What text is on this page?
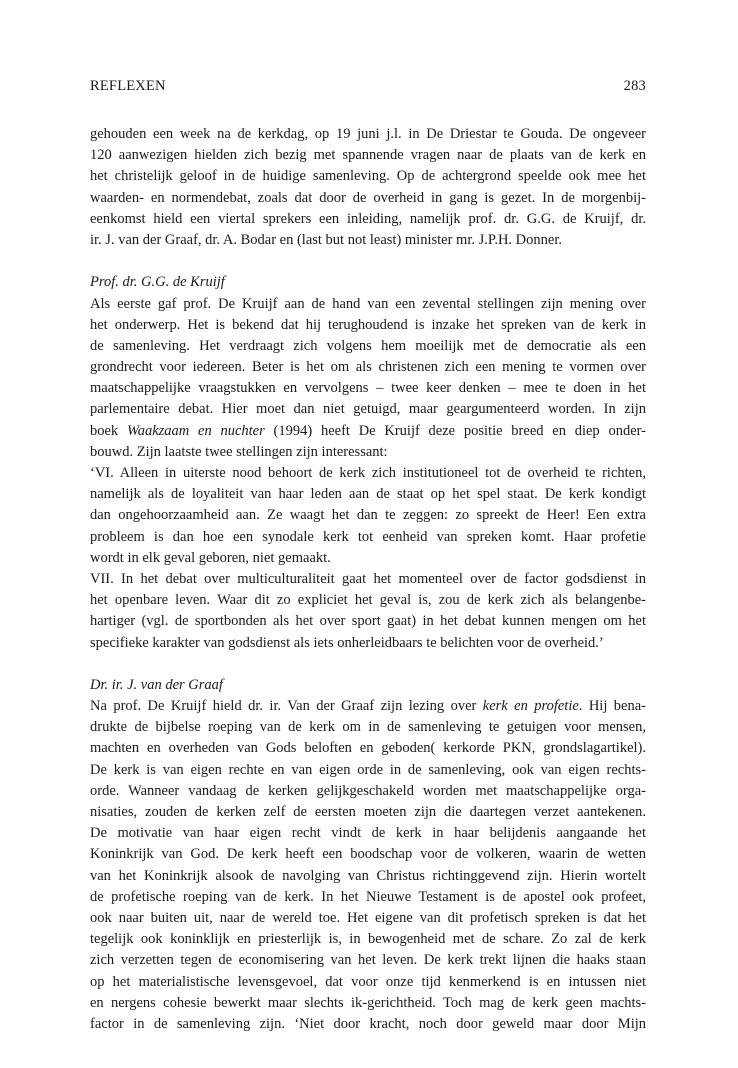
REFLEXEN	283
gehouden een week na de kerkdag, op 19 juni j.l. in De Driestar te Gouda. De ongeveer
120 aanwezigen hielden zich bezig met spannende vragen naar de plaats van de kerk en
het christelijk geloof in de huidige samenleving. Op de achtergrond speelde ook mee het
waarden- en normendebat, zoals dat door de overheid in gang is gezet. In de morgenbij-
eenkomst hield een viertal sprekers een inleiding, namelijk prof. dr. G.G. de Kruijf, dr.
ir. J. van der Graaf, dr. A. Bodar en (last but not least) minister mr. J.P.H. Donner.
Prof. dr. G.G. de Kruijf
Als eerste gaf prof. De Kruijf aan de hand van een zevental stellingen zijn mening over
het onderwerp. Het is bekend dat hij terughoudend is inzake het spreken van de kerk in
de samenleving. Het verdraagt zich volgens hem moeilijk met de democratie als een
grondrecht voor iedereen. Beter is het om als christenen zich een mening te vormen over
maatschappelijke vraagstukken en vervolgens – twee keer denken – mee te doen in het
parlementaire debat. Hier moet dan niet getuigd, maar geargumenteerd worden. In zijn
boek Waakzaam en nuchter (1994) heeft De Kruijf deze positie breed en diep onder-
bouwd. Zijn laatste twee stellingen zijn interessant:
‘VI. Alleen in uiterste nood behoort de kerk zich institutioneel tot de overheid te richten,
namelijk als de loyaliteit van haar leden aan de staat op het spel staat. De kerk kondigt
dan ongehoorzaamheid aan. Ze waagt het dan te zeggen: zo spreekt de Heer! Een extra
probleem is dan hoe een synodale kerk tot eenheid van spreken komt. Haar profetie
wordt in elk geval geboren, niet gemaakt.
VII. In het debat over multiculturaliteit gaat het momenteel over de factor godsdienst in
het openbare leven. Waar dit zo expliciet het geval is, zou de kerk zich als belangenbe-
hartiger (vgl. de sportbonden als het over sport gaat) in het debat kunnen mengen om het
specifieke karakter van godsdienst als iets onherleidbaars te belichten voor de overheid.’
Dr. ir. J. van der Graaf
Na prof. De Kruijf hield dr. ir. Van der Graaf zijn lezing over kerk en profetie. Hij bena-
drukte de bijbelse roeping van de kerk om in de samenleving te getuigen voor mensen,
machten en overheden van Gods beloften en geboden( kerkorde PKN, grondslagartikel).
De kerk is van eigen rechte en van eigen orde in de samenleving, ook van eigen rechts-
orde. Wanneer vandaag de kerken gelijkgeschakeld worden met maatschappelijke orga-
nisaties, zouden de kerken zelf de eersten moeten zijn die daartegen verzet aantekenen.
De motivatie van haar eigen recht vindt de kerk in haar belijdenis aangaande het
Koninkrijk van God. De kerk heeft een boodschap voor de volkeren, waarin de wetten
van het Koninkrijk alsook de navolging van Christus richtinggevend zijn. Hierin wortelt
de profetische roeping van de kerk. In het Nieuwe Testament is de apostel ook profeet,
ook naar buiten uit, naar de wereld toe. Het eigene van dit profetisch spreken is dat het
tegelijk ook koninklijk en priesterlijk is, in bewogenheid met de schare. Zo zal de kerk
zich verzetten tegen de economisering van het leven. De kerk trekt lijnen die haaks staan
op het materialistische levensgevoel, dat voor onze tijd kenmerkend is en intussen niet
en nergens cohesie bewerkt maar slechts ik-gerichtheid. Toch mag de kerk geen machts-
factor in de samenleving zijn. ‘Niet door kracht, noch door geweld maar door Mijn
